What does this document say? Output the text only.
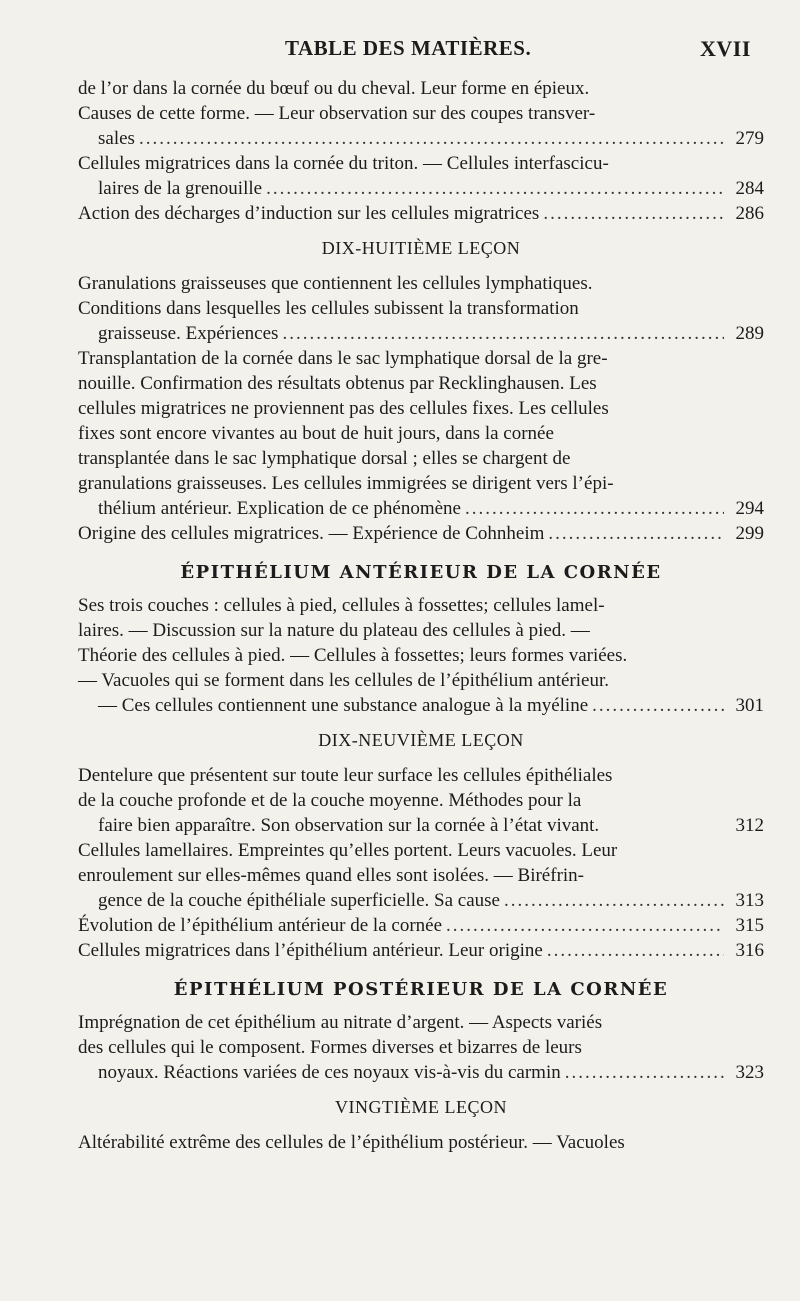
TABLE DES MATIÈRES.	XVII
de l’or dans la cornée du bœuf ou du cheval. Leur forme en épieux.
Causes de cette forme. — Leur observation sur des coupes transver-
sales .....	279
Cellules migratrices dans la cornée du triton. — Cellules interfascicu-
laires de la grenouille .....	284
Action des décharges d’induction sur les cellules migratrices .....	286
DIX-HUITIÈME LEÇON
Granulations graisseuses que contiennent les cellules lymphatiques.
Conditions dans lesquelles les cellules subissent la transformation
graisseuse. Expériences .....	289
Transplantation de la cornée dans le sac lymphatique dorsal de la gre-
nouille. Confirmation des résultats obtenus par Recklinghausen. Les
cellules migratrices ne proviennent pas des cellules fixes. Les cellules
fixes sont encore vivantes au bout de huit jours, dans la cornée
transplantée dans le sac lymphatique dorsal ; elles se chargent de
granulations graisseuses. Les cellules immigrées se dirigent vers l’épi-
thélium antérieur. Explication de ce phénomène .....	294
Origine des cellules migratrices. — Expérience de Cohnheim .....	299
ÉPITHÉLIUM ANTÉRIEUR DE LA CORNÉE
Ses trois couches : cellules à pied, cellules à fossettes; cellules lamel-
laires. — Discussion sur la nature du plateau des cellules à pied. —
Théorie des cellules à pied. — Cellules à fossettes; leurs formes variées.
— Vacuoles qui se forment dans les cellules de l’épithélium antérieur.
— Ces cellules contiennent une substance analogue à la myéline .....	301
DIX-NEUVIÈME LEÇON
Dentelure que présentent sur toute leur surface les cellules épithéliales
de la couche profonde et de la couche moyenne. Méthodes pour la
faire bien apparaître. Son observation sur la cornée à l’état vivant.	312
Cellules lamellaires. Empreintes qu’elles portent. Leurs vacuoles. Leur
enroulement sur elles-mêmes quand elles sont isolées. — Biréfrin-
gence de la couche épithéliale superficielle. Sa cause .....	313
Évolution de l’épithélium antérieur de la cornée .....	315
Cellules migratrices dans l’épithélium antérieur. Leur origine .....	316
ÉPITHÉLIUM POSTÉRIEUR DE LA CORNÉE
Imprégnation de cet épithélium au nitrate d’argent. — Aspects variés
des cellules qui le composent. Formes diverses et bizarres de leurs
noyaux. Réactions variées de ces noyaux vis-à-vis du carmin .....	323
VINGTIÈME LEÇON
Altérabilité extrême des cellules de l’épithélium postérieur. — Vacuoles
